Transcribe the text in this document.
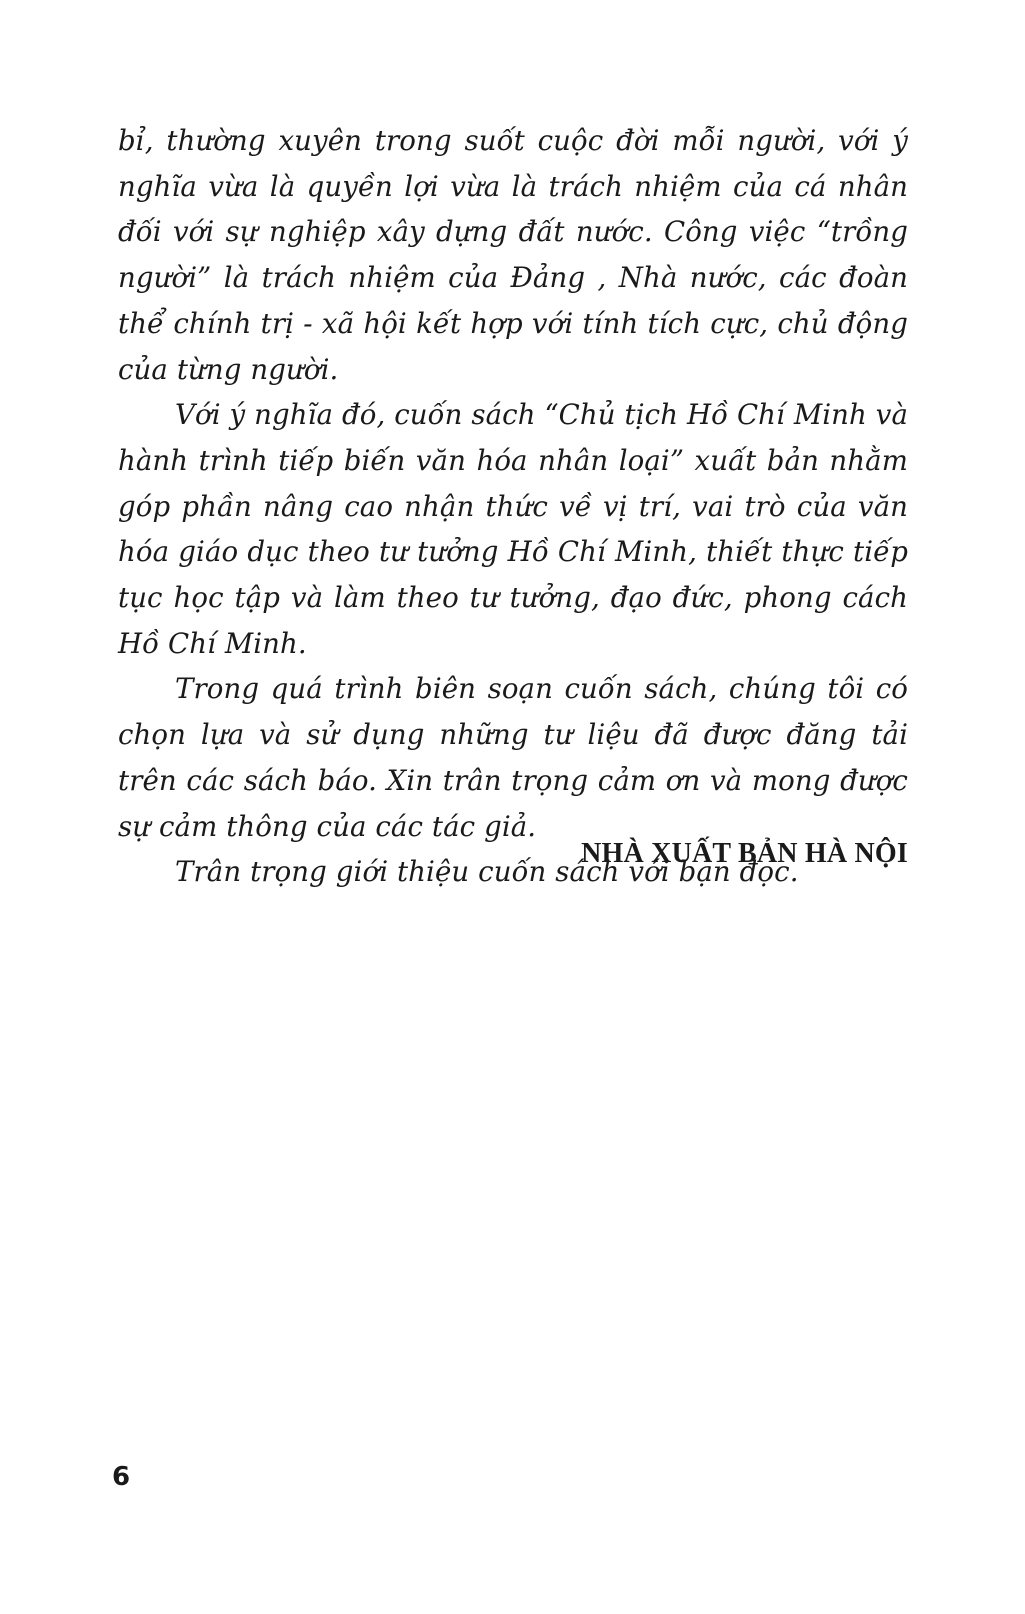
bỉ, thường xuyên trong suốt cuộc đời mỗi người, với ý nghĩa vừa là quyền lợi vừa là trách nhiệm của cá nhân đối với sự nghiệp xây dựng đất nước. Công việc “trồng người” là trách nhiệm của Đảng , Nhà nước, các đoàn thể chính trị - xã hội kết hợp với tính tích cực, chủ động của từng người.

Với ý nghĩa đó, cuốn sách “Chủ tịch Hồ Chí Minh và hành trình tiếp biến văn hóa nhân loại” xuất bản nhằm góp phần nâng cao nhận thức về vị trí, vai trò của văn hóa giáo dục theo tư tưởng Hồ Chí Minh, thiết thực tiếp tục học tập và làm theo tư tưởng, đạo đức, phong cách Hồ Chí Minh.

Trong quá trình biên soạn cuốn sách, chúng tôi có chọn lựa và sử dụng những tư liệu đã được đăng tải trên các sách báo. Xin trân trọng cảm ơn và mong được sự cảm thông của các tác giả.

Trân trọng giới thiệu cuốn sách với bạn đọc.

NHÀ XUẤT BẢN HÀ NỘI
6
